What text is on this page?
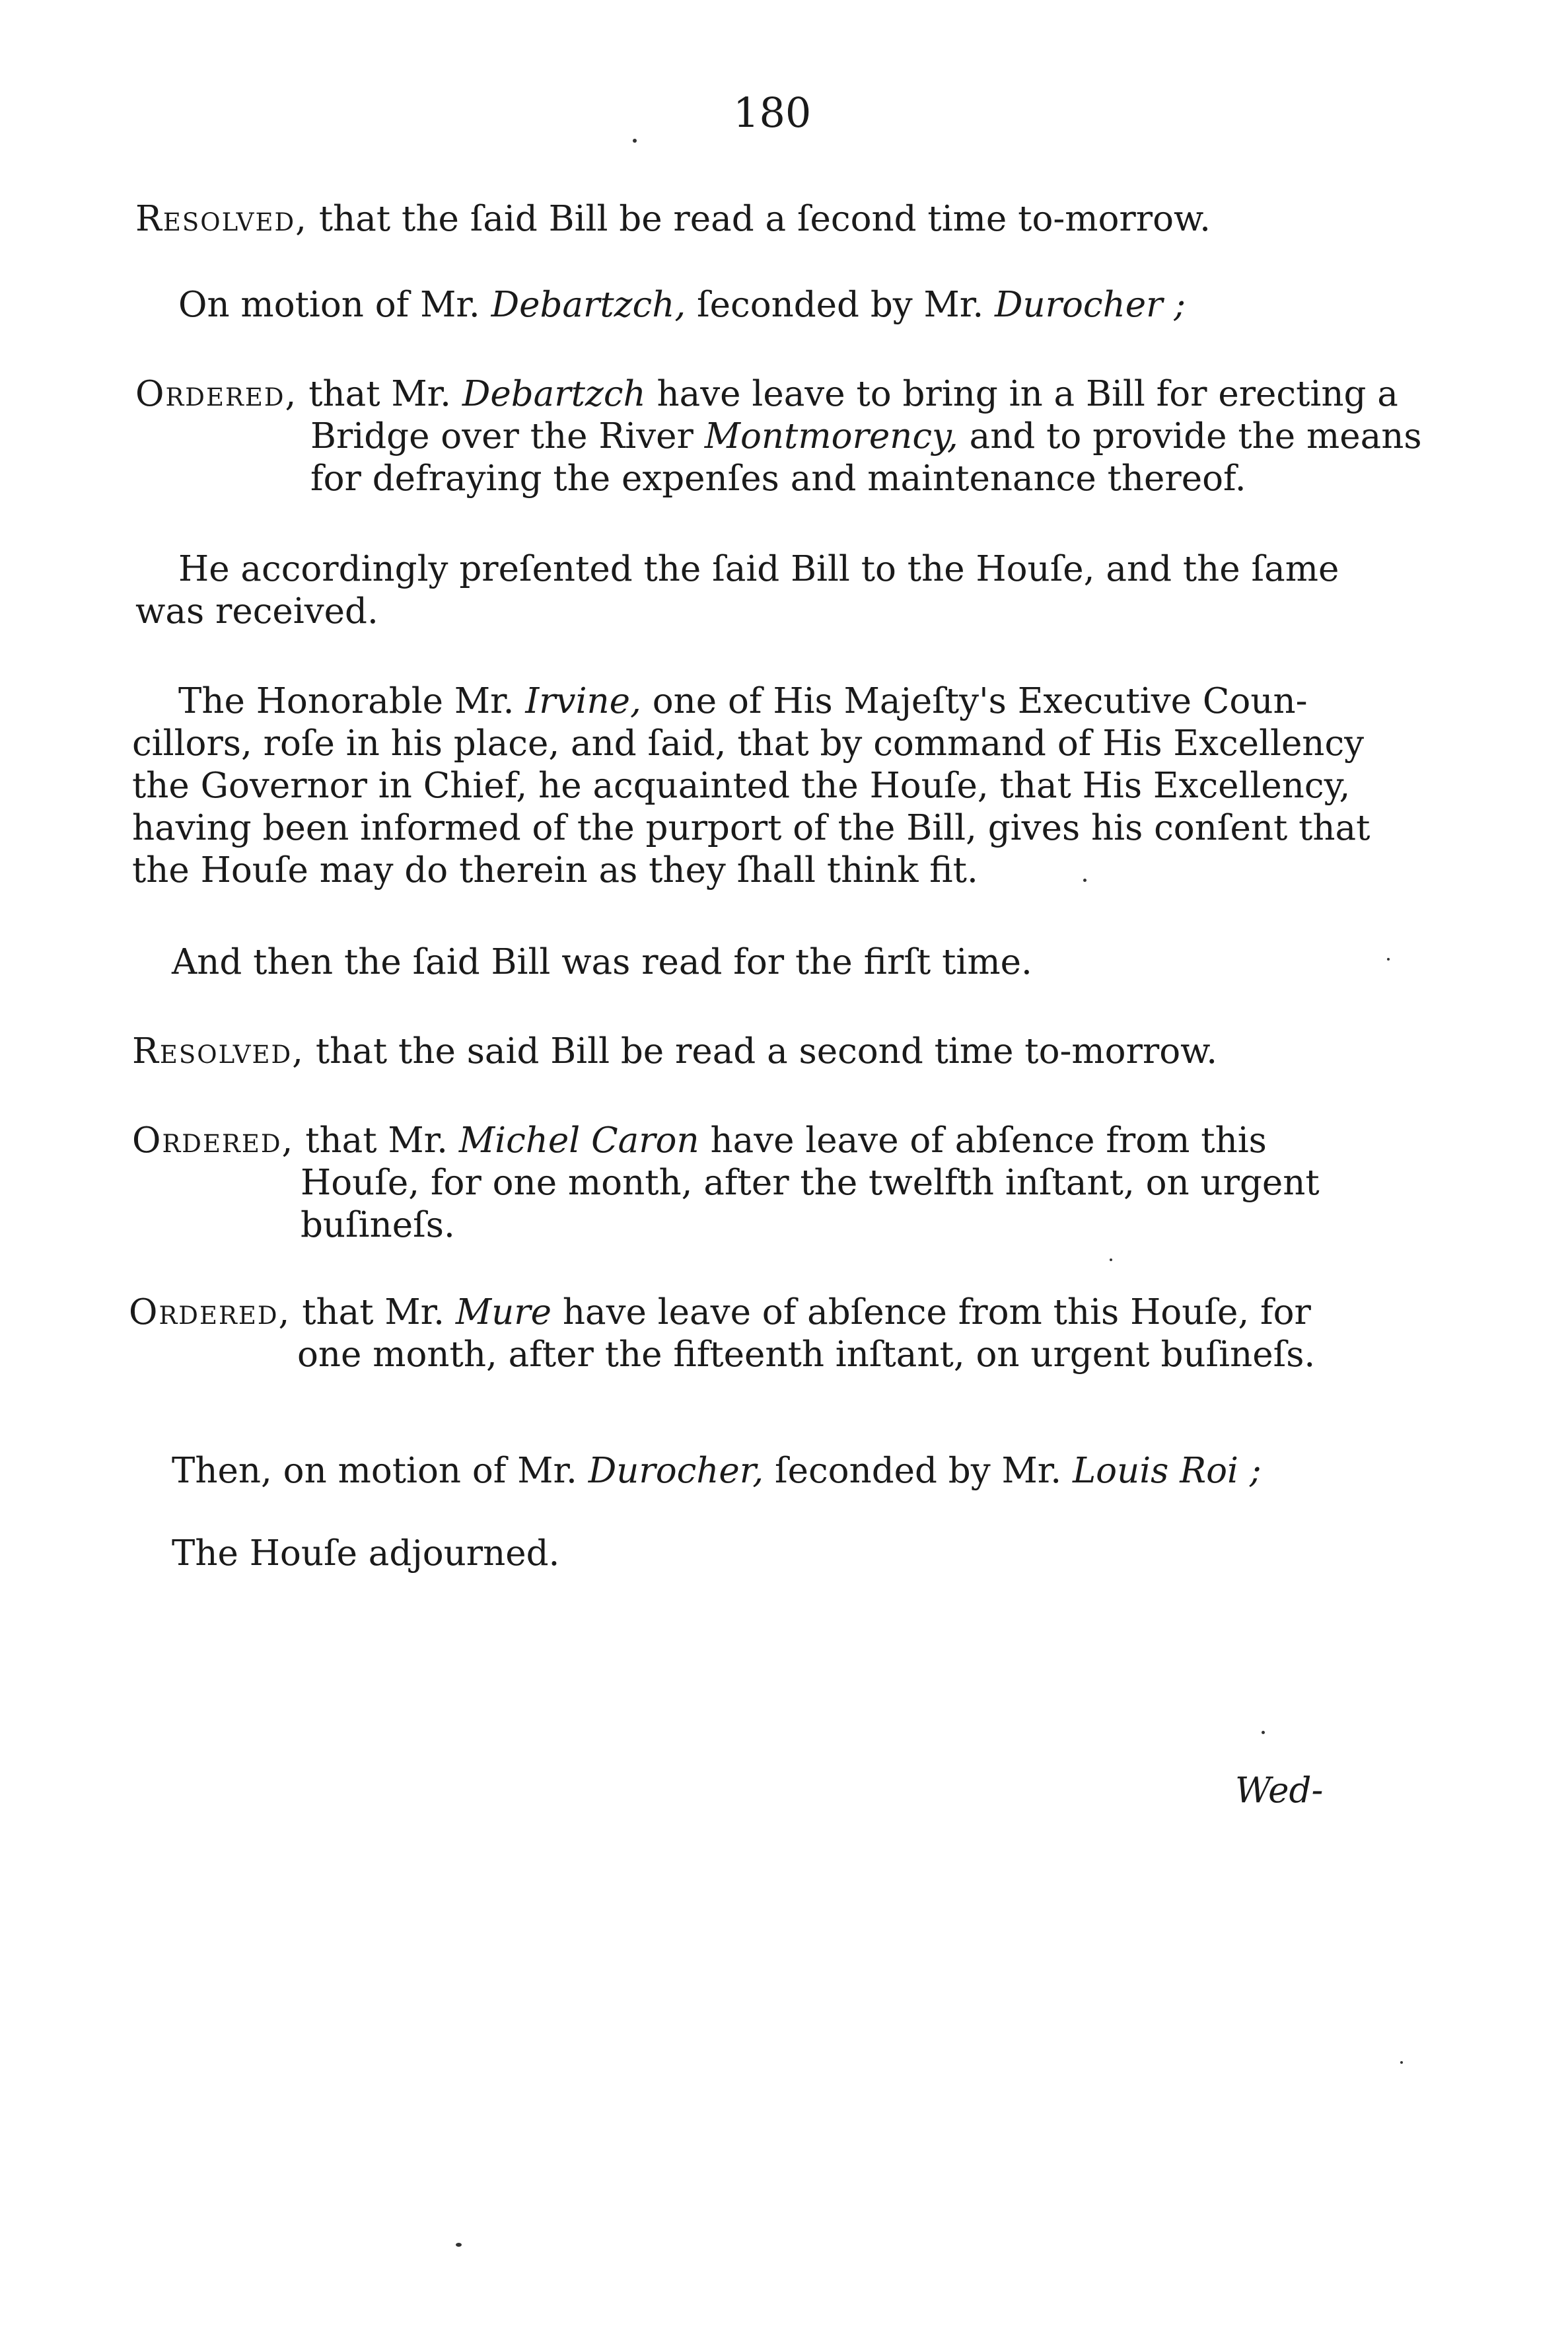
180
Resolved, that the ſaid Bill be read a ſecond time to-morrow.
On motion of Mr. Debartzch, ſeconded by Mr. Durocher ;
Ordered, that Mr. Debartzch have leave to bring in a Bill for erecting a
Bridge over the River Montmorency, and to provide the means
for defraying the expenſes and maintenance thereof.
He accordingly preſented the ſaid Bill to the Houſe, and the ſame
was received.
The Honorable Mr. Irvine, one of His Majeſty's Executive Coun-
cillors, roſe in his place, and ſaid, that by command of His Excellency
the Governor in Chief, he acquainted the Houſe, that His Excellency,
having been informed of the purport of the Bill, gives his conſent that
the Houſe may do therein as they ſhall think fit.
And then the ſaid Bill was read for the firſt time.
Resolved, that the said Bill be read a second time to-morrow.
Ordered, that Mr. Michel Caron have leave of abſence from this
Houſe, for one month, after the twelfth inſtant, on urgent
buſineſs.
Ordered, that Mr. Mure have leave of abſence from this Houſe, for
one month, after the fifteenth inſtant, on urgent buſineſs.
Then, on motion of Mr. Durocher, ſeconded by Mr. Louis Roi ;
The Houſe adjourned.
Wed-
